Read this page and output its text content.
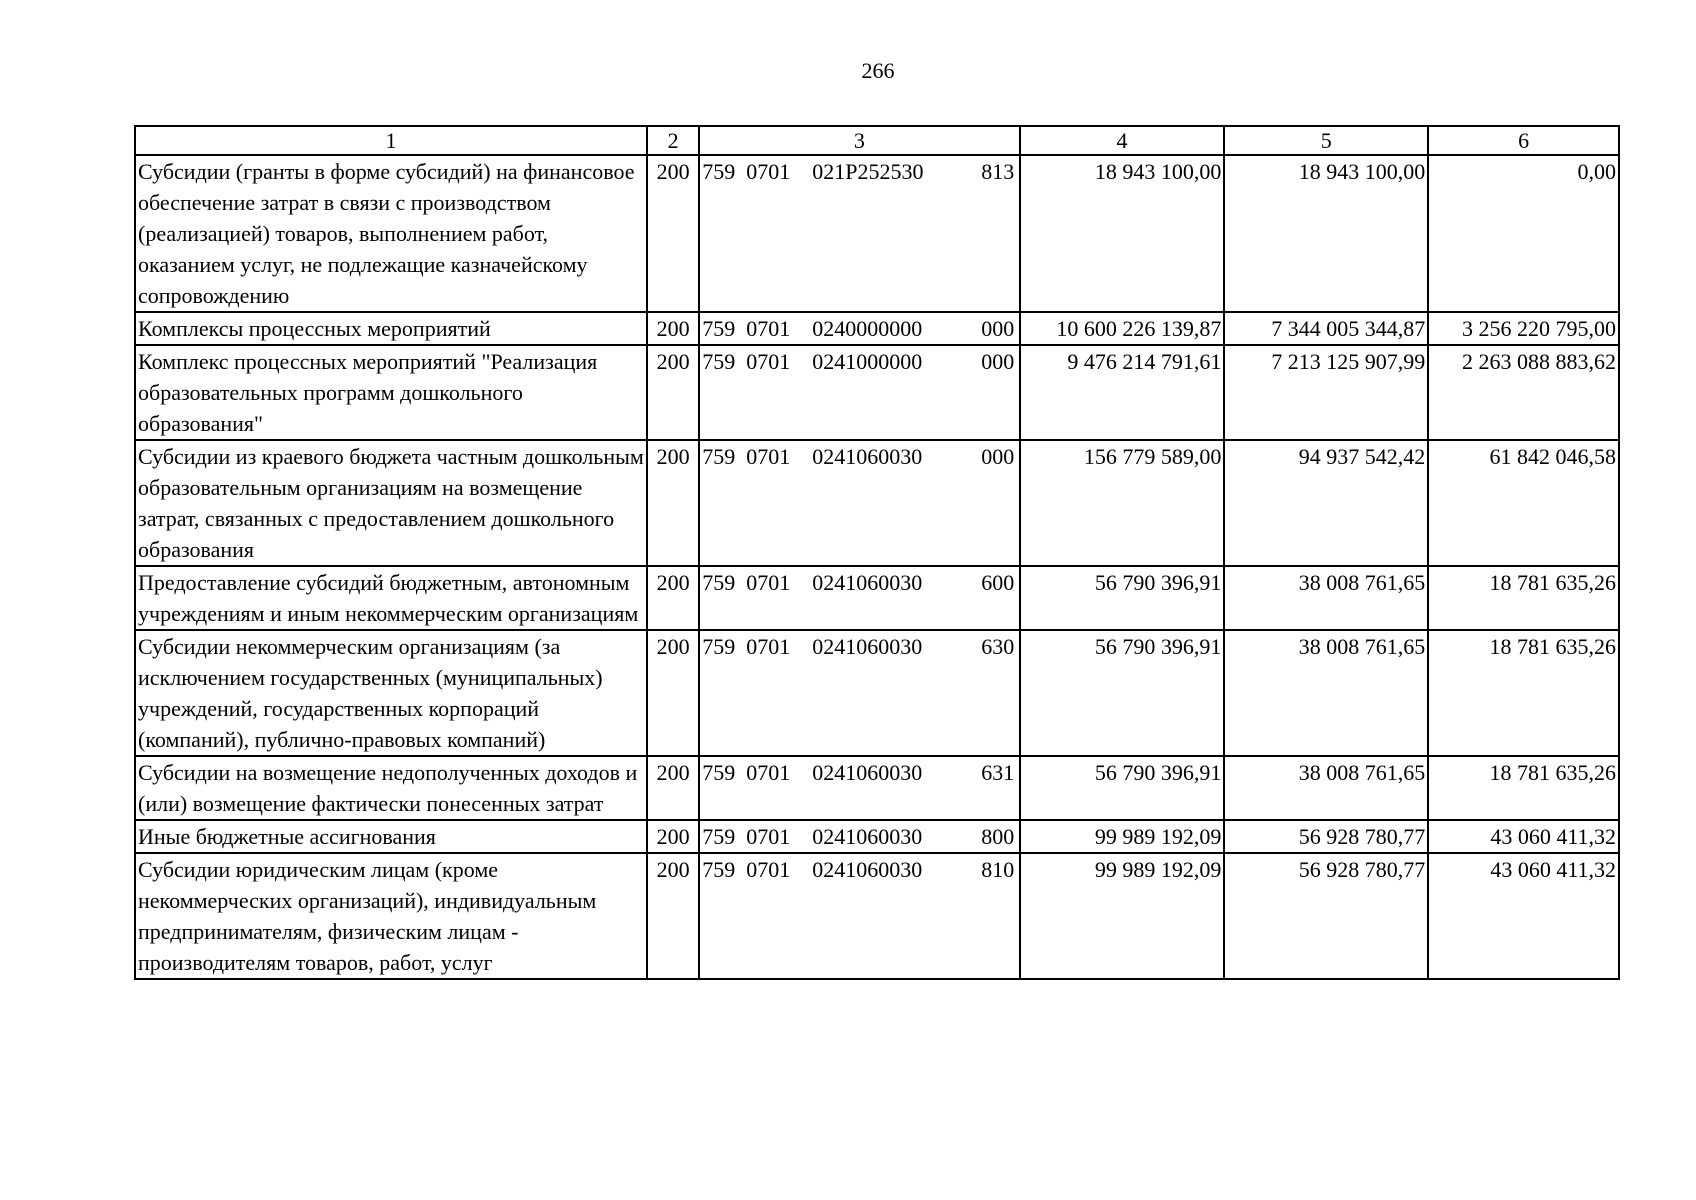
266
1	2	3	4	5	6
Субсидии (гранты в форме субсидий) на финансовое обеспечение затрат в связи с производством (реализацией) товаров, выполнением работ, оказанием услуг, не подлежащие казначейскому сопровождению	200	759 0701 021Р252530 813	18 943 100,00	18 943 100,00	0,00
Комплексы процессных мероприятий	200	759 0701 0240000000 000	10 600 226 139,87	7 344 005 344,87	3 256 220 795,00
Комплекс процессных мероприятий "Реализация образовательных программ дошкольного образования"	200	759 0701 0241000000 000	9 476 214 791,61	7 213 125 907,99	2 263 088 883,62
Субсидии из краевого бюджета частным дошкольным образовательным организациям на возмещение затрат, связанных с предоставлением дошкольного образования	200	759 0701 0241060030 000	156 779 589,00	94 937 542,42	61 842 046,58
Предоставление субсидий бюджетным, автономным учреждениям и иным некоммерческим организациям	200	759 0701 0241060030 600	56 790 396,91	38 008 761,65	18 781 635,26
Субсидии некоммерческим организациям (за исключением государственных (муниципальных) учреждений, государственных корпораций (компаний), публично-правовых компаний)	200	759 0701 0241060030 630	56 790 396,91	38 008 761,65	18 781 635,26
Субсидии на возмещение недополученных доходов и (или) возмещение фактически понесенных затрат	200	759 0701 0241060030 631	56 790 396,91	38 008 761,65	18 781 635,26
Иные бюджетные ассигнования	200	759 0701 0241060030 800	99 989 192,09	56 928 780,77	43 060 411,32
Субсидии юридическим лицам (кроме некоммерческих организаций), индивидуальным предпринимателям, физическим лицам - производителям товаров, работ, услуг	200	759 0701 0241060030 810	99 989 192,09	56 928 780,77	43 060 411,32
